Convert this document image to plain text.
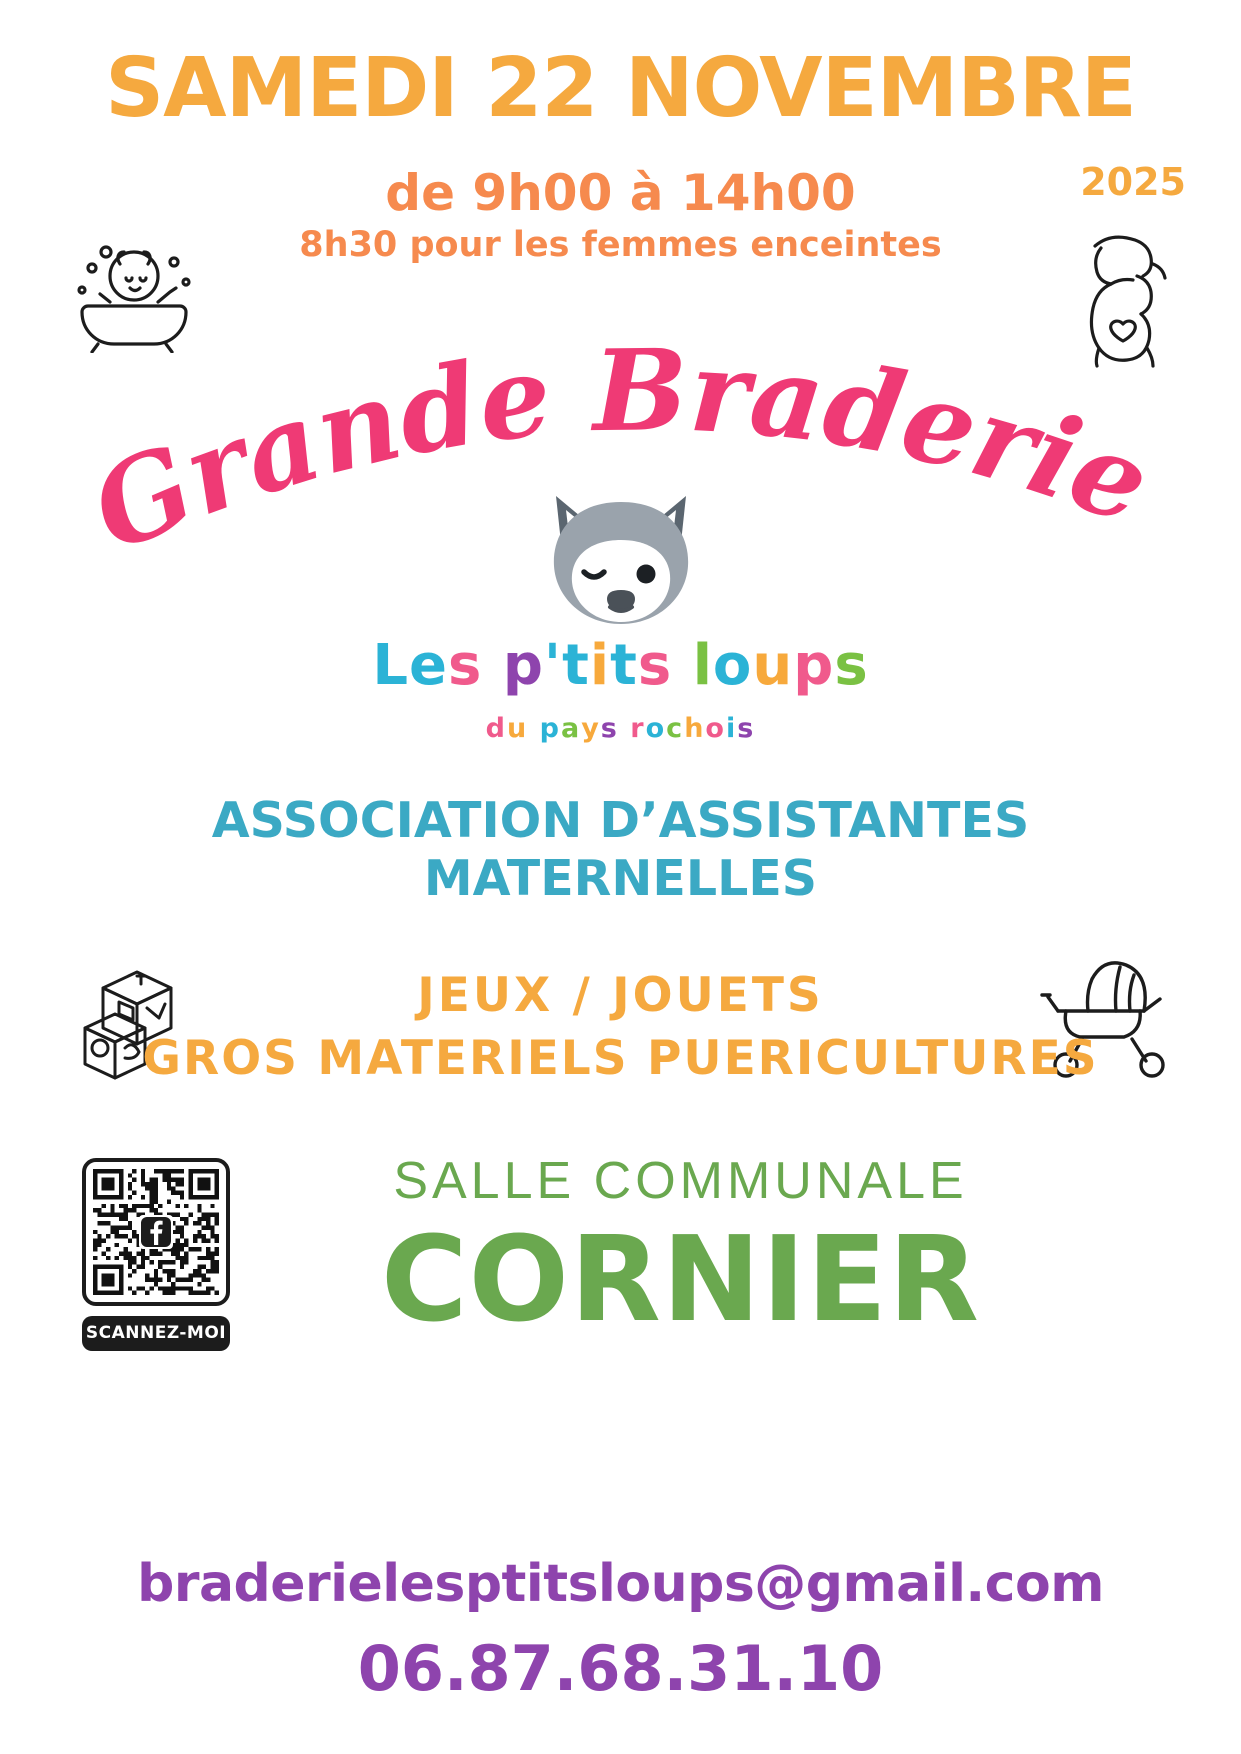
SAMEDI 22 NOVEMBRE
2025
de 9h00 à 14h00
8h30 pour les femmes enceintes
Grande Braderie
Les p'tits loups
du pays rochois
ASSOCIATION D’ASSISTANTES
MATERNELLES
JEUX / JOUETS
GROS MATERIELS PUERICULTURES
SCANNEZ-MOI
SALLE COMMUNALE
CORNIER
braderielesptitsloups@gmail.com
06.87.68.31.10
